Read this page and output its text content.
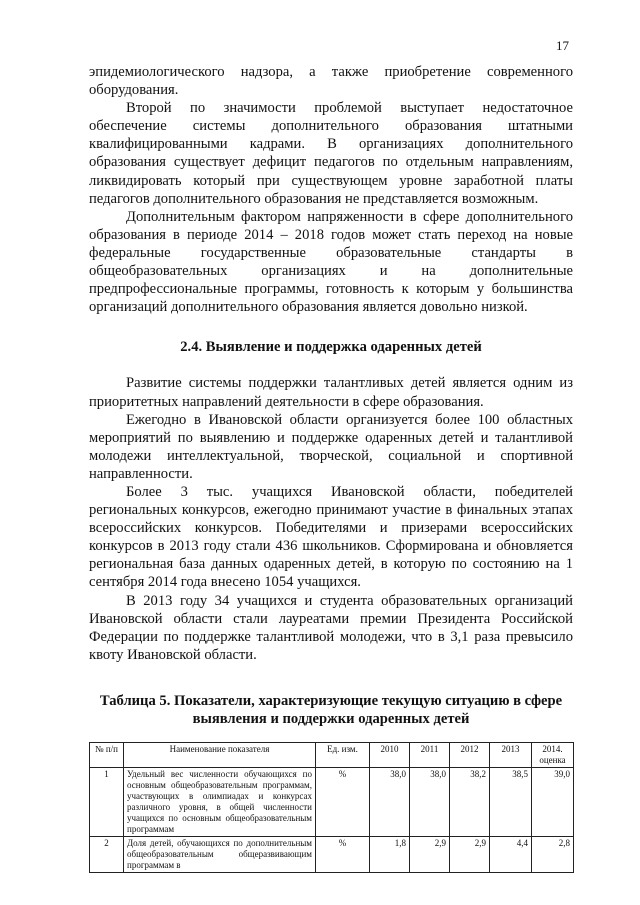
17

эпидемиологического надзора, а также приобретение современного оборудования.

Второй по значимости проблемой выступает недостаточное обеспечение системы дополнительного образования штатными квалифицированными кадрами. В организациях дополнительного образования существует дефицит педагогов по отдельным направлениям, ликвидировать который при существующем уровне заработной платы педагогов дополнительного образования не представляется возможным.

Дополнительным фактором напряженности в сфере дополнительного образования в периоде 2014 – 2018 годов может стать переход на новые федеральные государственные образовательные стандарты в общеобразовательных организациях и на дополнительные предпрофессиональные программы, готовность к которым у большинства организаций дополнительного образования является довольно низкой.

2.4. Выявление и поддержка одаренных детей

Развитие системы поддержки талантливых детей является одним из приоритетных направлений деятельности в сфере образования.

Ежегодно в Ивановской области организуется более 100 областных мероприятий по выявлению и поддержке одаренных детей и талантливой молодежи интеллектуальной, творческой, социальной и спортивной направленности.

Более 3 тыс. учащихся Ивановской области, победителей региональных конкурсов, ежегодно принимают участие в финальных этапах всероссийских конкурсов. Победителями и призерами всероссийских конкурсов в 2013 году стали 436 школьников. Сформирована и обновляется региональная база данных одаренных детей, в которую по состоянию на 1 сентября 2014 года внесено 1054 учащихся.

В 2013 году 34 учащихся и студента образовательных организаций Ивановской области стали лауреатами премии Президента Российской Федерации по поддержке талантливой молодежи, что в 3,1 раза превысило квоту Ивановской области.

Таблица 5. Показатели, характеризующие текущую ситуацию в сфере выявления и поддержки одаренных детей
№ п/п	Наименование показателя	Ед. изм.	2010	2011	2012	2013	2014. оценка
1	Удельный вес численности обучающихся по основным общеобразовательным программам, участвующих в олимпиадах и конкурсах различного уровня, в общей численности учащихся по основным общеобразовательным программам	%	38,0	38,0	38,2	38,5	39,0
2	Доля детей, обучающихся по дополнительным общеобразовательным общеразвивающим программам в	%	1,8	2,9	2,9	4,4	2,8
